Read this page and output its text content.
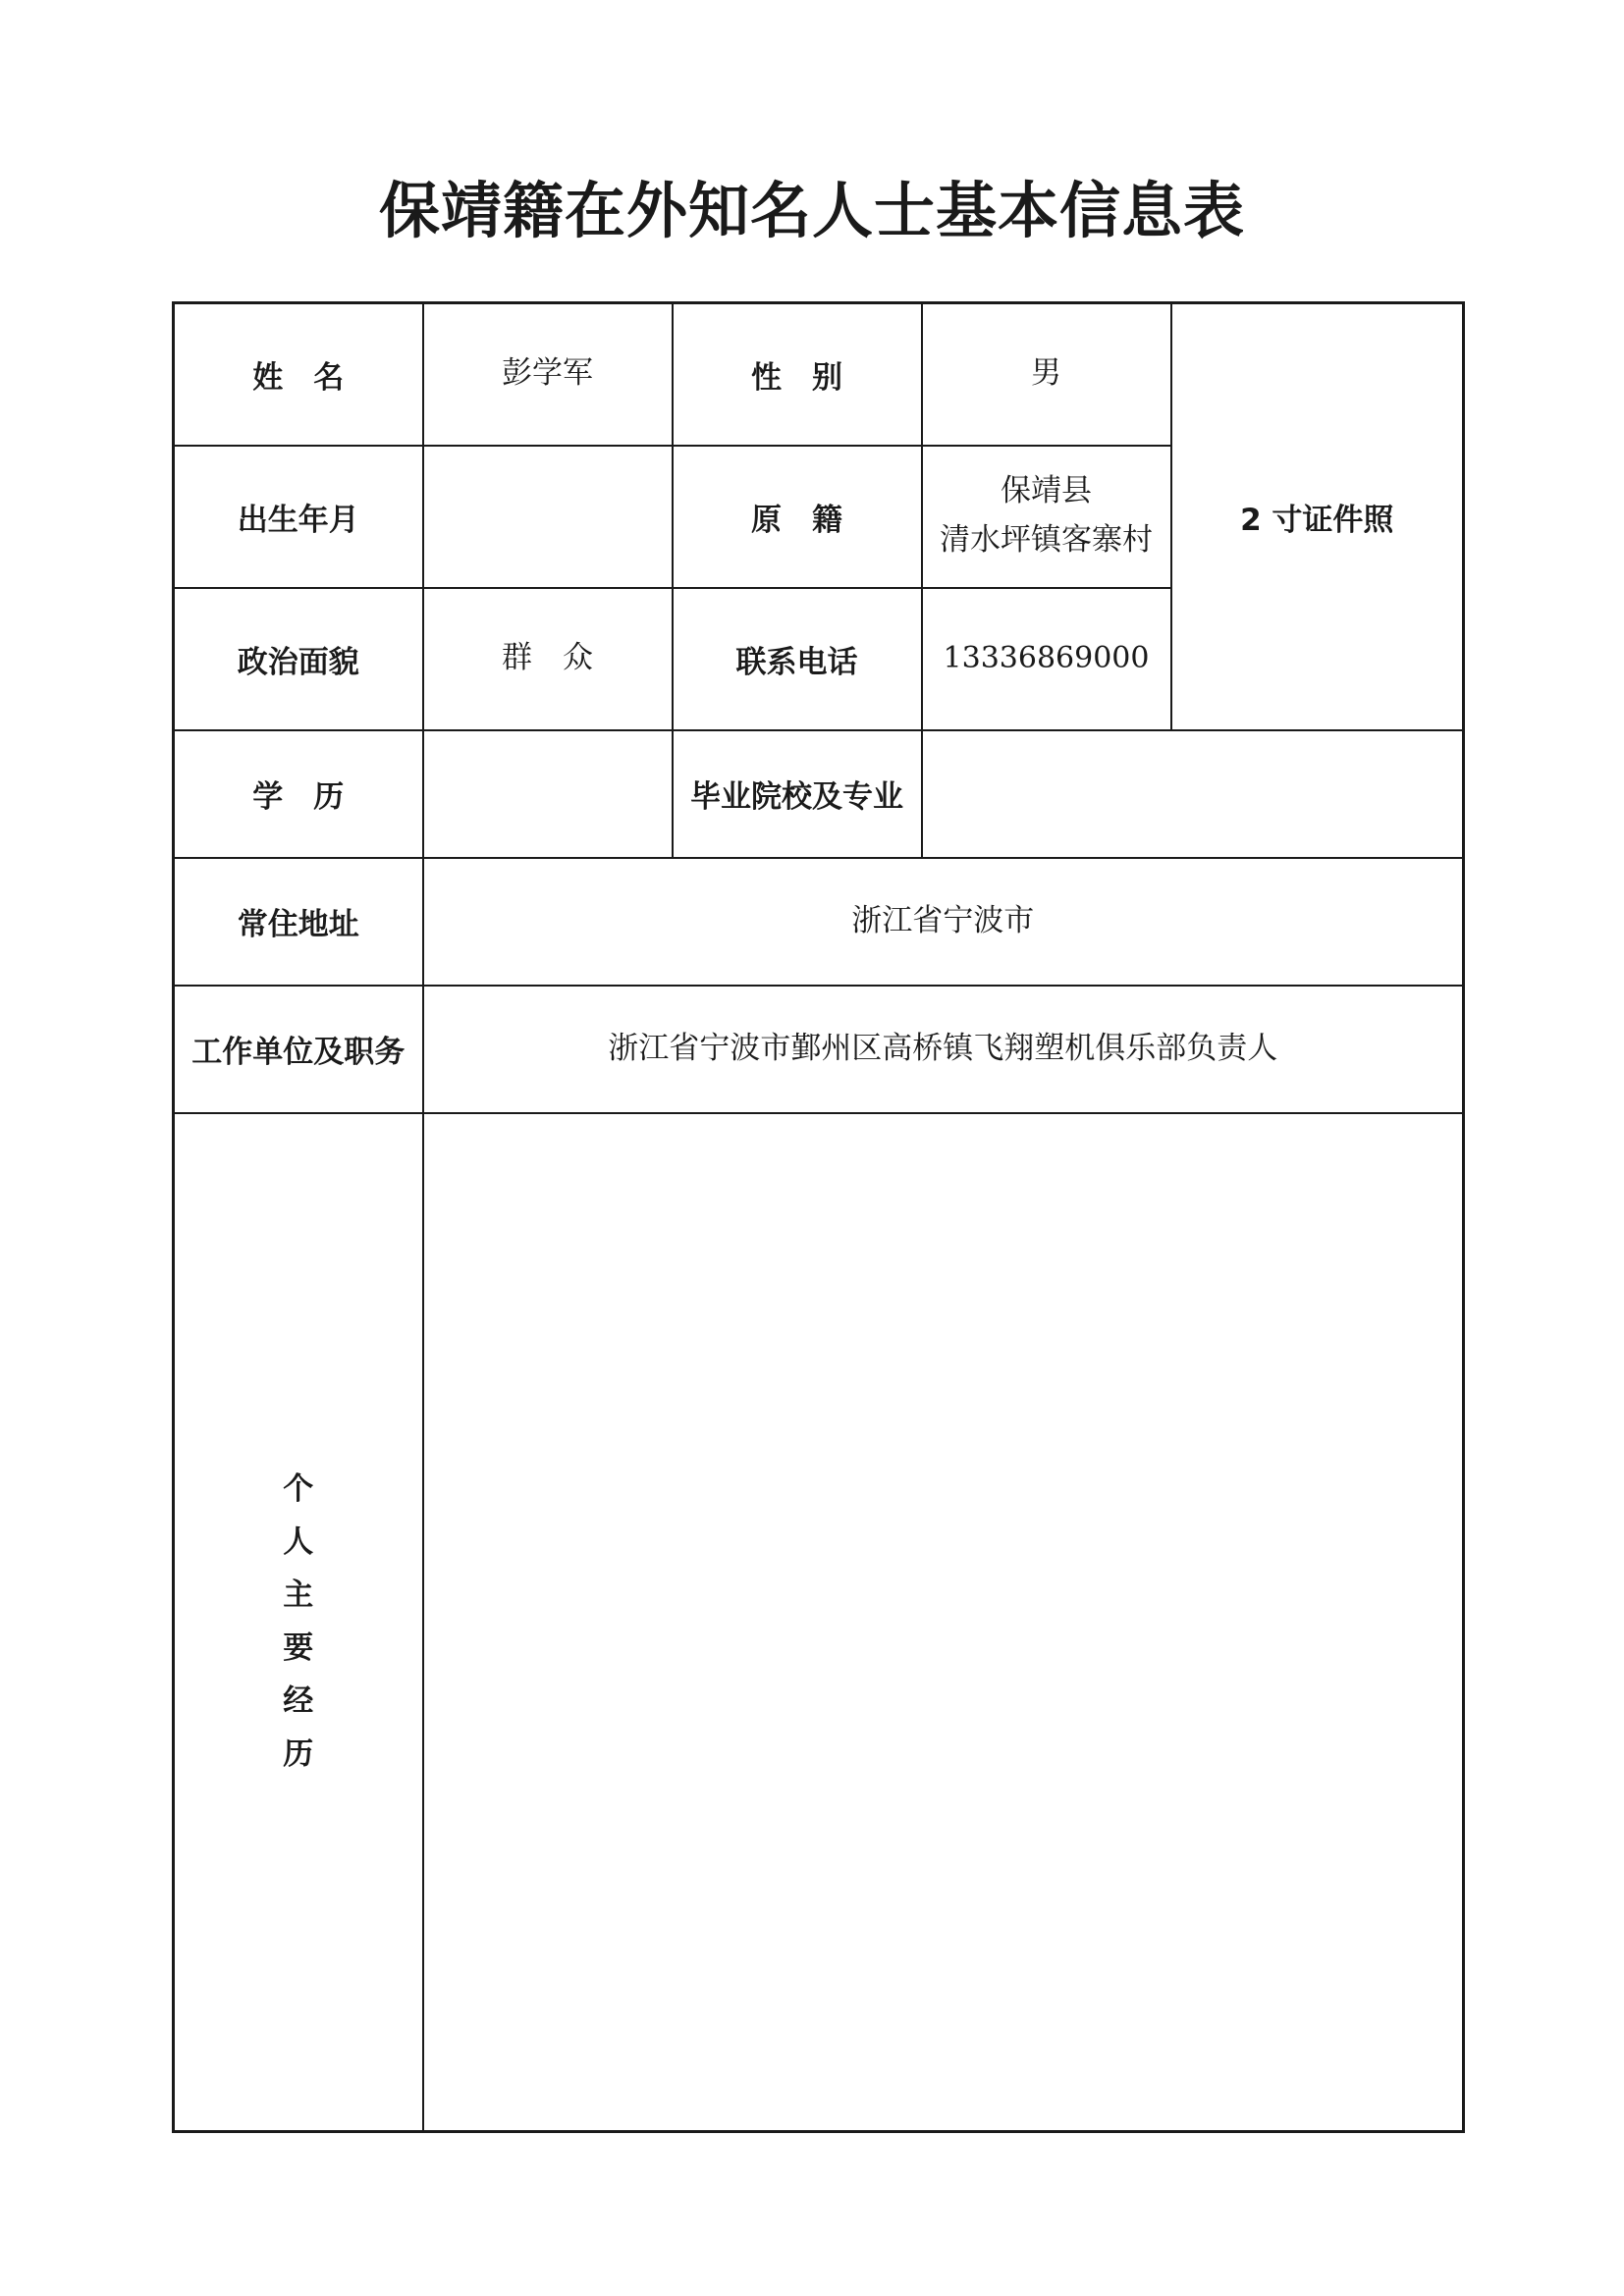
保靖籍在外知名人士基本信息表
姓　名	彭学军	性　别	男	2 寸证件照
出生年月		原　籍	保靖县
清水坪镇客寨村	

政治面貌	群　众	联系电话	13336869000	
学　历		毕业院校及专业		
常住地址	浙江省宁波市			
工作单位及职务	浙江省宁波市鄞州区高桥镇飞翔塑机俱乐部负责人			
个人主要经历				
